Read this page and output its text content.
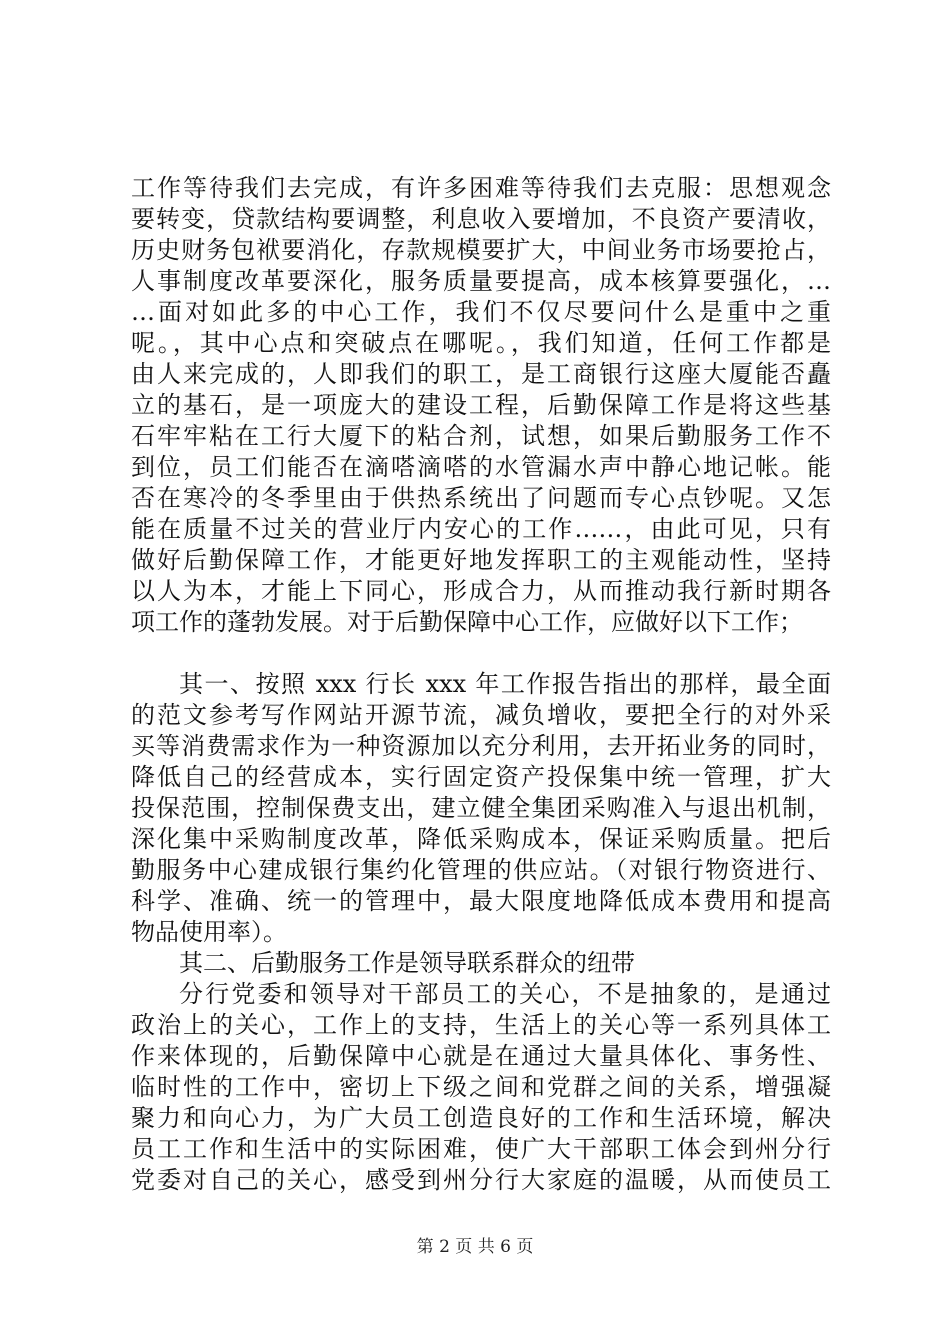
工作等待我们去完成，有许多困难等待我们去克服：思想观念
要转变，贷款结构要调整，利息收入要增加，不良资产要清收，
历史财务包袱要消化，存款规模要扩大，中间业务市场要抢占，
人事制度改革要深化，服务质量要提高，成本核算要强化，…
…面对如此多的中心工作，我们不仅尽要问什么是重中之重
呢。，其中心点和突破点在哪呢。，我们知道，任何工作都是
由人来完成的，人即我们的职工，是工商银行这座大厦能否矗
立的基石，是一项庞大的建设工程，后勤保障工作是将这些基
石牢牢粘在工行大厦下的粘合剂，试想，如果后勤服务工作不
到位，员工们能否在滴嗒滴嗒的水管漏水声中静心地记帐。能
否在寒冷的冬季里由于供热系统出了问题而专心点钞呢。又怎
能在质量不过关的营业厅内安心的工作……，由此可见，只有
做好后勤保障工作，才能更好地发挥职工的主观能动性，坚持
以人为本，才能上下同心，形成合力，从而推动我行新时期各
项工作的蓬勃发展。对于后勤保障中心工作，应做好以下工作；
其一、按照 xxx 行长 xxx 年工作报告指出的那样，最全面
的范文参考写作网站开源节流，减负增收，要把全行的对外采
买等消费需求作为一种资源加以充分利用，去开拓业务的同时，
降低自己的经营成本，实行固定资产投保集中统一管理，扩大
投保范围，控制保费支出，建立健全集团采购准入与退出机制，
深化集中采购制度改革，降低采购成本，保证采购质量。把后
勤服务中心建成银行集约化管理的供应站。（对银行物资进行、
科学、准确、统一的管理中，最大限度地降低成本费用和提高
物品使用率）。
其二、后勤服务工作是领导联系群众的纽带
分行党委和领导对干部员工的关心，不是抽象的，是通过
政治上的关心，工作上的支持，生活上的关心等一系列具体工
作来体现的，后勤保障中心就是在通过大量具体化、事务性、
临时性的工作中，密切上下级之间和党群之间的关系，增强凝
聚力和向心力，为广大员工创造良好的工作和生活环境，解决
员工工作和生活中的实际困难，使广大干部职工体会到州分行
党委对自己的关心，感受到州分行大家庭的温暖，从而使员工
第 2 页 共 6 页
